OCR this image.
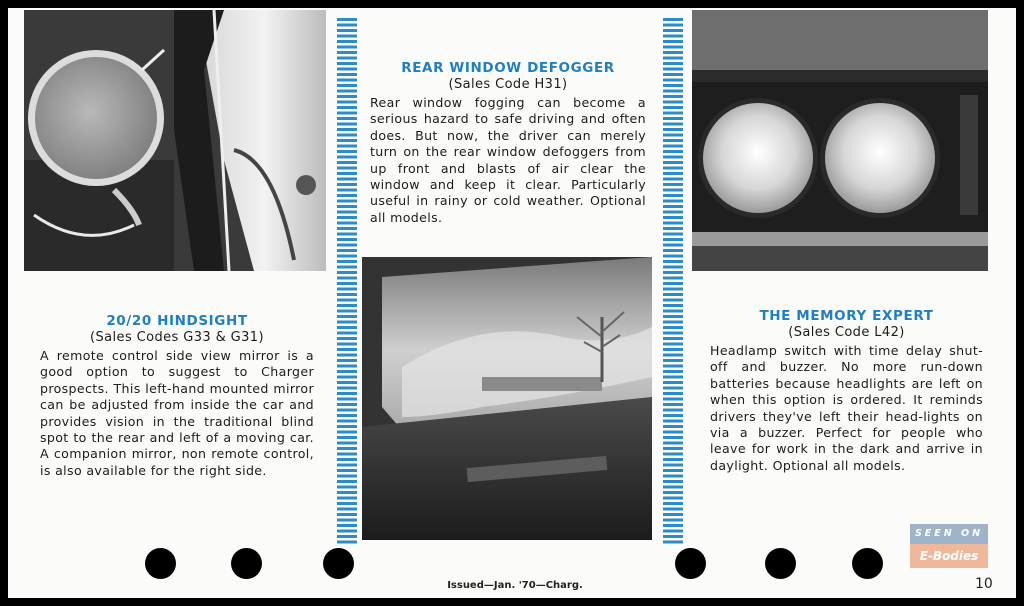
REAR WINDOW DEFOGGER
(Sales Code H31)

Rear window fogging can become a serious hazard to safe driving and often does. But now, the driver can merely turn on the rear window defoggers from up front and blasts of air clear the window and keep it clear. Particularly useful in rainy or cold weather. Optional all models.

20/20 HINDSIGHT
(Sales Codes G33 & G31)

A remote control side view mirror is a good option to suggest to Charger prospects. This left-hand mounted mirror can be adjusted from inside the car and provides vision in the traditional blind spot to the rear and left of a moving car. A companion mirror, non remote control, is also available for the right side.

THE MEMORY EXPERT
(Sales Code L42)

Headlamp switch with time delay shut-off and buzzer. No more run-down batteries because headlights are left on when this option is ordered. It reminds drivers they've left their head-lights on via a buzzer. Perfect for people who leave for work in the dark and arrive in daylight. Optional all models.

SEEN ON
E-Bodies
Issued—Jan. '70—Charg.	10
